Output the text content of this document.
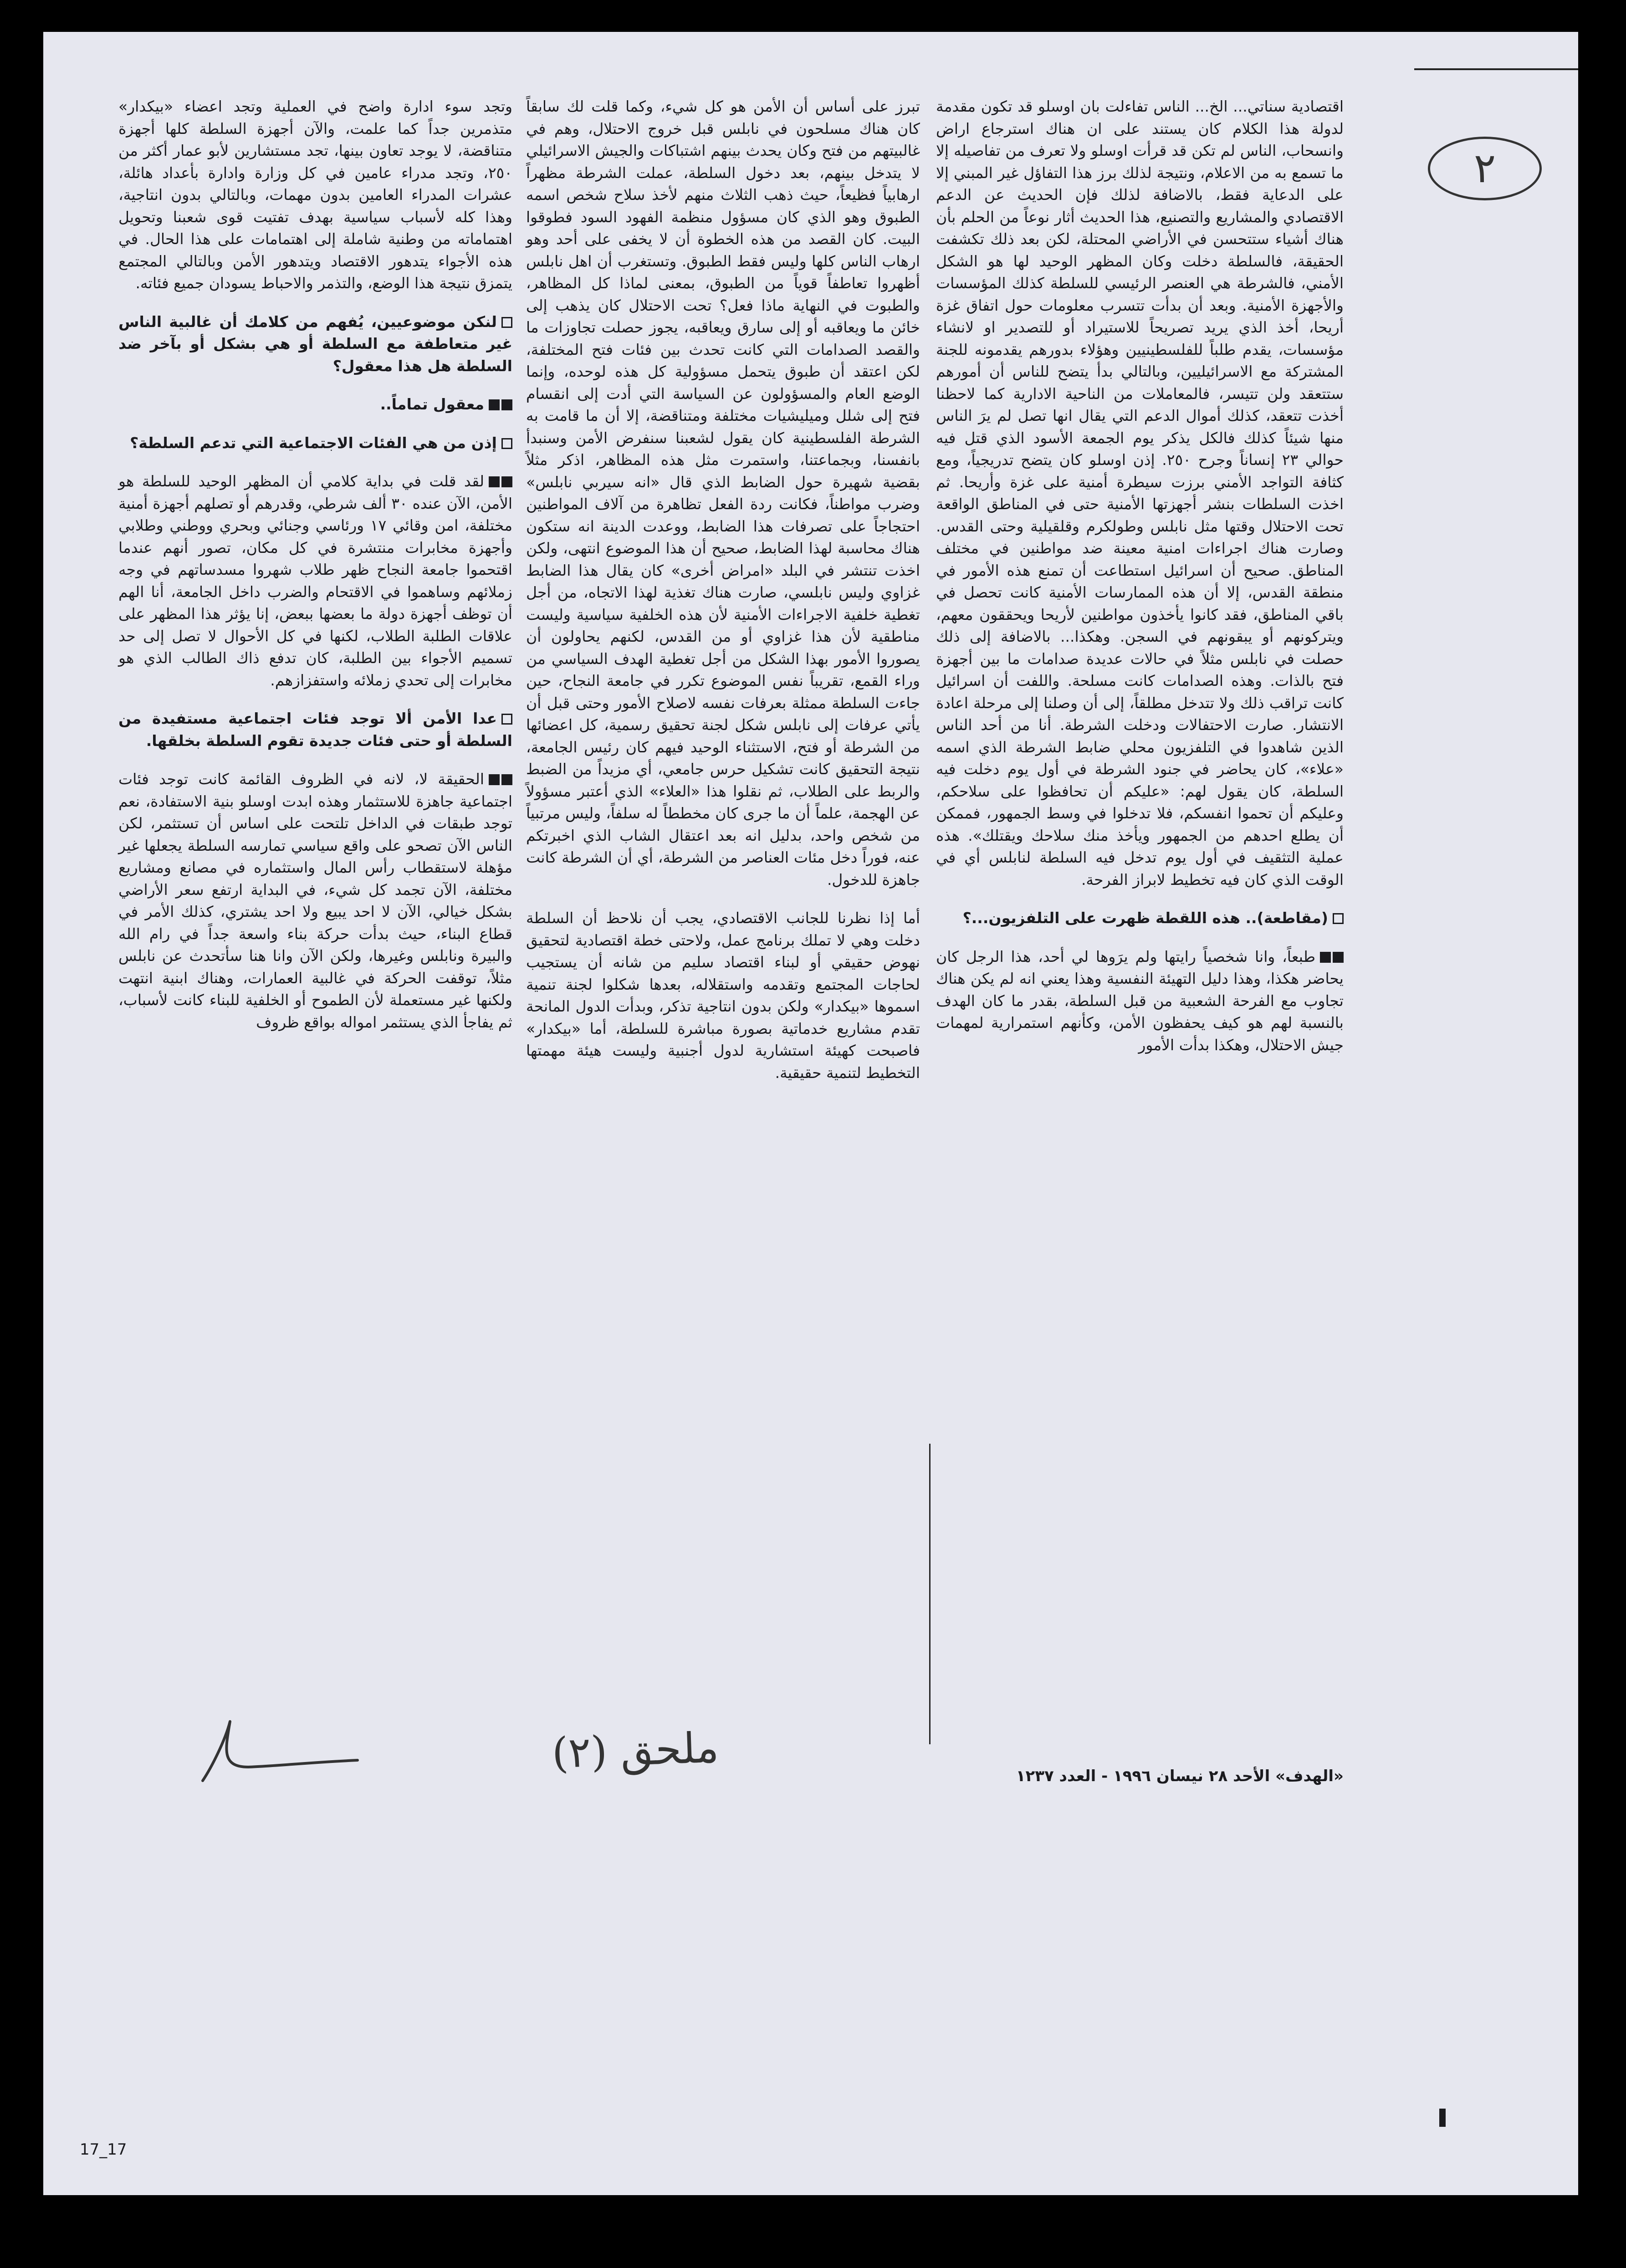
٢

اقتصادية سناتي... الخ... الناس تفاءلت بان اوسلو قد تكون مقدمة لدولة هذا الكلام كان يستند على ان هناك استرجاع اراض وانسحاب، الناس لم تكن قد قرأت اوسلو ولا تعرف من تفاصيله إلا ما تسمع به من الاعلام، ونتيجة لذلك برز هذا التفاؤل غير المبني إلا على الدعاية فقط، بالاضافة لذلك فإن الحديث عن الدعم الاقتصادي والمشاريع والتصنيع، هذا الحديث أثار نوعاً من الحلم بأن هناك أشياء ستتحسن في الأراضي المحتلة، لكن بعد ذلك تكشفت الحقيقة، فالسلطة دخلت وكان المظهر الوحيد لها هو الشكل الأمني، فالشرطة هي العنصر الرئيسي للسلطة كذلك المؤسسات والأجهزة الأمنية. وبعد أن بدأت تتسرب معلومات حول اتفاق غزة أريحا، أخذ الذي يريد تصريحاً للاستيراد أو للتصدير او لانشاء مؤسسات، يقدم طلباً للفلسطينيين وهؤلاء بدورهم يقدمونه للجنة المشتركة مع الاسرائيليين، وبالتالي بدأ يتضح للناس أن أمورهم ستتعقد ولن تتيسر، فالمعاملات من الناحية الادارية كما لاحظنا أخذت تتعقد، كذلك أموال الدعم التي يقال انها تصل لم يرَ الناس منها شيئاً كذلك فالكل يذكر يوم الجمعة الأسود الذي قتل فيه حوالي ٢٣ إنساناً وجرح ٢٥٠. إذن اوسلو كان يتضح تدريجياً، ومع كثافة التواجد الأمني برزت سيطرة أمنية على غزة وأريحا. ثم اخذت السلطات بنشر أجهزتها الأمنية حتى في المناطق الواقعة تحت الاحتلال وقتها مثل نابلس وطولكرم وقلقيلية وحتى القدس. وصارت هناك اجراءات امنية معينة ضد مواطنين في مختلف المناطق. صحيح أن اسرائيل استطاعت أن تمنع هذه الأمور في منطقة القدس، إلا أن هذه الممارسات الأمنية كانت تحصل في باقي المناطق، فقد كانوا يأخذون مواطنين لأريحا ويحققون معهم، ويتركونهم أو يبقونهم في السجن. وهكذا... بالاضافة إلى ذلك حصلت في نابلس مثلاً في حالات عديدة صدامات ما بين أجهزة فتح بالذات. وهذه الصدامات كانت مسلحة. واللفت أن اسرائيل كانت تراقب ذلك ولا تتدخل مطلقاً، إلى أن وصلنا إلى مرحلة اعادة الانتشار. صارت الاحتفالات ودخلت الشرطة. أنا من أحد الناس الذين شاهدوا في التلفزيون محلي ضابط الشرطة الذي اسمه «علاء»، كان يحاضر في جنود الشرطة في أول يوم دخلت فيه السلطة، كان يقول لهم: «عليكم أن تحافظوا على سلاحكم، وعليكم أن تحموا انفسكم، فلا تدخلوا في وسط الجمهور، فممكن أن يطلع احدهم من الجمهور ويأخذ منك سلاحك ويقتلك». هذه عملية التثقيف في أول يوم تدخل فيه السلطة لنابلس أي في الوقت الذي كان فيه تخطيط لابراز الفرحة.

(مقاطعة).. هذه اللقطة ظهرت على التلفزيون...؟

طبعاً، وانا شخصياً رايتها ولم يرَوها لي أحد، هذا الرجل كان يحاضر هكذا، وهذا دليل التهيئة النفسية وهذا يعني انه لم يكن هناك تجاوب مع الفرحة الشعبية من قبل السلطة، بقدر ما كان الهدف بالنسبة لهم هو كيف يحفظون الأمن، وكأنهم استمرارية لمهمات جيش الاحتلال، وهكذا بدأت الأمور

تبرز على أساس أن الأمن هو كل شيء، وكما قلت لك سابقاً كان هناك مسلحون في نابلس قبل خروج الاحتلال، وهم في غالبيتهم من فتح وكان يحدث بينهم اشتباكات والجيش الاسرائيلي لا يتدخل بينهم، بعد دخول السلطة، عملت الشرطة مظهراً ارهابياً فظيعاً، حيث ذهب الثلاث منهم لأخذ سلاح شخص اسمه الطبوق وهو الذي كان مسؤول منظمة الفهود السود فطوقوا البيت. كان القصد من هذه الخطوة أن لا يخفى على أحد وهو ارهاب الناس كلها وليس فقط الطبوق. وتستغرب أن اهل نابلس أظهروا تعاطفاً قوياً من الطبوق، بمعنى لماذا كل المظاهر، والطبوت في النهاية ماذا فعل؟ تحت الاحتلال كان يذهب إلى خائن ما ويعاقبه أو إلى سارق ويعاقبه، يجوز حصلت تجاوزات ما والقصد الصدامات التي كانت تحدث بين فئات فتح المختلفة، لكن اعتقد أن طبوق يتحمل مسؤولية كل هذه لوحده، وإنما الوضع العام والمسؤولون عن السياسة التي أدت إلى انقسام فتح إلى شلل وميليشيات مختلفة ومتناقضة، إلا أن ما قامت به الشرطة الفلسطينية كان يقول لشعبنا سنفرض الأمن وسنبدأ بانفسنا، وبجماعتنا، واستمرت مثل هذه المظاهر، اذكر مثلاً بقضية شهيرة حول الضابط الذي قال «انه سيربي نابلس» وضرب مواطناً، فكانت ردة الفعل تظاهرة من آلاف المواطنين احتجاجاً على تصرفات هذا الضابط، ووعدت الدينة انه ستكون هناك محاسبة لهذا الضابط، صحيح أن هذا الموضوع انتهى، ولكن اخذت تنتشر في البلد «امراض أخرى» كان يقال هذا الضابط غزاوي وليس نابلسي، صارت هناك تغذية لهذا الاتجاه، من أجل تغطية خلفية الاجراءات الأمنية لأن هذه الخلفية سياسية وليست مناطقية لأن هذا غزاوي أو من القدس، لكنهم يحاولون أن يصوروا الأمور بهذا الشكل من أجل تغطية الهدف السياسي من وراء القمع، تقريباً نفس الموضوع تكرر في جامعة النجاح، حين جاءت السلطة ممثلة بعرفات نفسه لاصلاح الأمور وحتى قبل أن يأتي عرفات إلى نابلس شكل لجنة تحقيق رسمية، كل اعضائها من الشرطة أو فتح، الاستثناء الوحيد فيهم كان رئيس الجامعة، نتيجة التحقيق كانت تشكيل حرس جامعي، أي مزيداً من الضبط والربط على الطلاب، ثم نقلوا هذا «العلاء» الذي أعتبر مسؤولاً عن الهجمة، علماً أن ما جرى كان مخططاً له سلفاً، وليس مرتبياً من شخص واحد، بدليل انه بعد اعتقال الشاب الذي اخبرتكم عنه، فوراً دخل مئات العناصر من الشرطة، أي أن الشرطة كانت جاهزة للدخول.

أما إذا نظرنا للجانب الاقتصادي، يجب أن نلاحظ أن السلطة دخلت وهي لا تملك برنامج عمل، ولاحتى خطة اقتصادية لتحقيق نهوض حقيقي أو لبناء اقتصاد سليم من شانه أن يستجيب لحاجات المجتمع وتقدمه واستقلاله، بعدها شكلوا لجنة تنمية اسموها «بيكدار» ولكن بدون انتاجية تذكر، وبدأت الدول المانحة تقدم مشاريع خدماتية بصورة مباشرة للسلطة، أما «بيكدار» فاصبحت كهيئة استشارية لدول أجنبية وليست هيئة مهمتها التخطيط لتنمية حقيقية.

وتجد سوء ادارة واضح في العملية وتجد اعضاء «بيكدار» متذمرين جداً كما علمت، والآن أجهزة السلطة كلها أجهزة متناقضة، لا يوجد تعاون بينها، تجد مستشارين لأبو عمار أكثر من ٢٥٠، وتجد مدراء عامين في كل وزارة وادارة بأعداد هائلة، عشرات المدراء العامين بدون مهمات، وبالتالي بدون انتاجية، وهذا كله لأسباب سياسية بهدف تفتيت قوى شعبنا وتحويل اهتماماته من وطنية شاملة إلى اهتمامات على هذا الحال. في هذه الأجواء يتدهور الاقتصاد ويتدهور الأمن وبالتالي المجتمع يتمزق نتيجة هذا الوضع، والتذمر والاحباط يسودان جميع فئاته.

لنكن موضوعيين، يُفهم من كلامك أن غالبية الناس غير متعاطفة مع السلطة أو هي بشكل أو بآخر ضد السلطة هل هذا معقول؟

معقول تماماً..

إذن من هي الفئات الاجتماعية التي تدعم السلطة؟

لقد قلت في بداية كلامي أن المظهر الوحيد للسلطة هو الأمن، الآن عنده ٣٠ ألف شرطي، وقدرهم أو تصلهم أجهزة أمنية مختلفة، امن وقائي ١٧ ورئاسي وجنائي وبحري ووطني وطلابي وأجهزة مخابرات منتشرة في كل مكان، تصور أنهم عندما اقتحموا جامعة النجاح ظهر طلاب شهروا مسدساتهم في وجه زملائهم وساهموا في الاقتحام والضرب داخل الجامعة، أنا الهم أن توظف أجهزة دولة ما بعضها ببعض، إنا يؤثر هذا المظهر على علاقات الطلبة الطلاب، لكنها في كل الأحوال لا تصل إلى حد تسميم الأجواء بين الطلبة، كان تدفع ذاك الطالب الذي هو مخابرات إلى تحدي زملائه واستفزازهم.

عدا الأمن ألا توجد فئات اجتماعية مستفيدة من السلطة أو حتى فئات جديدة تقوم السلطة بخلقها.

الحقيقة لا، لانه في الظروف القائمة كانت توجد فئات اجتماعية جاهزة للاستثمار وهذه ابدت اوسلو بنية الاستفادة، نعم توجد طبقات في الداخل تلتحت على اساس أن تستثمر، لكن الناس الآن تصحو على واقع سياسي تمارسه السلطة يجعلها غير مؤهلة لاستقطاب رأس المال واستثماره في مصانع ومشاريع مختلفة، الآن تجمد كل شيء، في البداية ارتفع سعر الأراضي بشكل خيالي، الآن لا احد يبيع ولا احد يشتري، كذلك الأمر في قطاع البناء، حيث بدأت حركة بناء واسعة جداً في رام الله والبيرة ونابلس وغيرها، ولكن الآن وانا هنا سأتحدث عن نابلس مثلاً، توقفت الحركة في غالبية العمارات، وهناك ابنية انتهت ولكنها غير مستعملة لأن الطموح أو الخلفية للبناء كانت لأسباب، ثم يفاجأ الذي يستثمر امواله بواقع ظروف

«الهدف» الأحد ٢٨ نيسان ١٩٩٦ - العدد ١٢٣٧
ملحق (٢)
17_17
